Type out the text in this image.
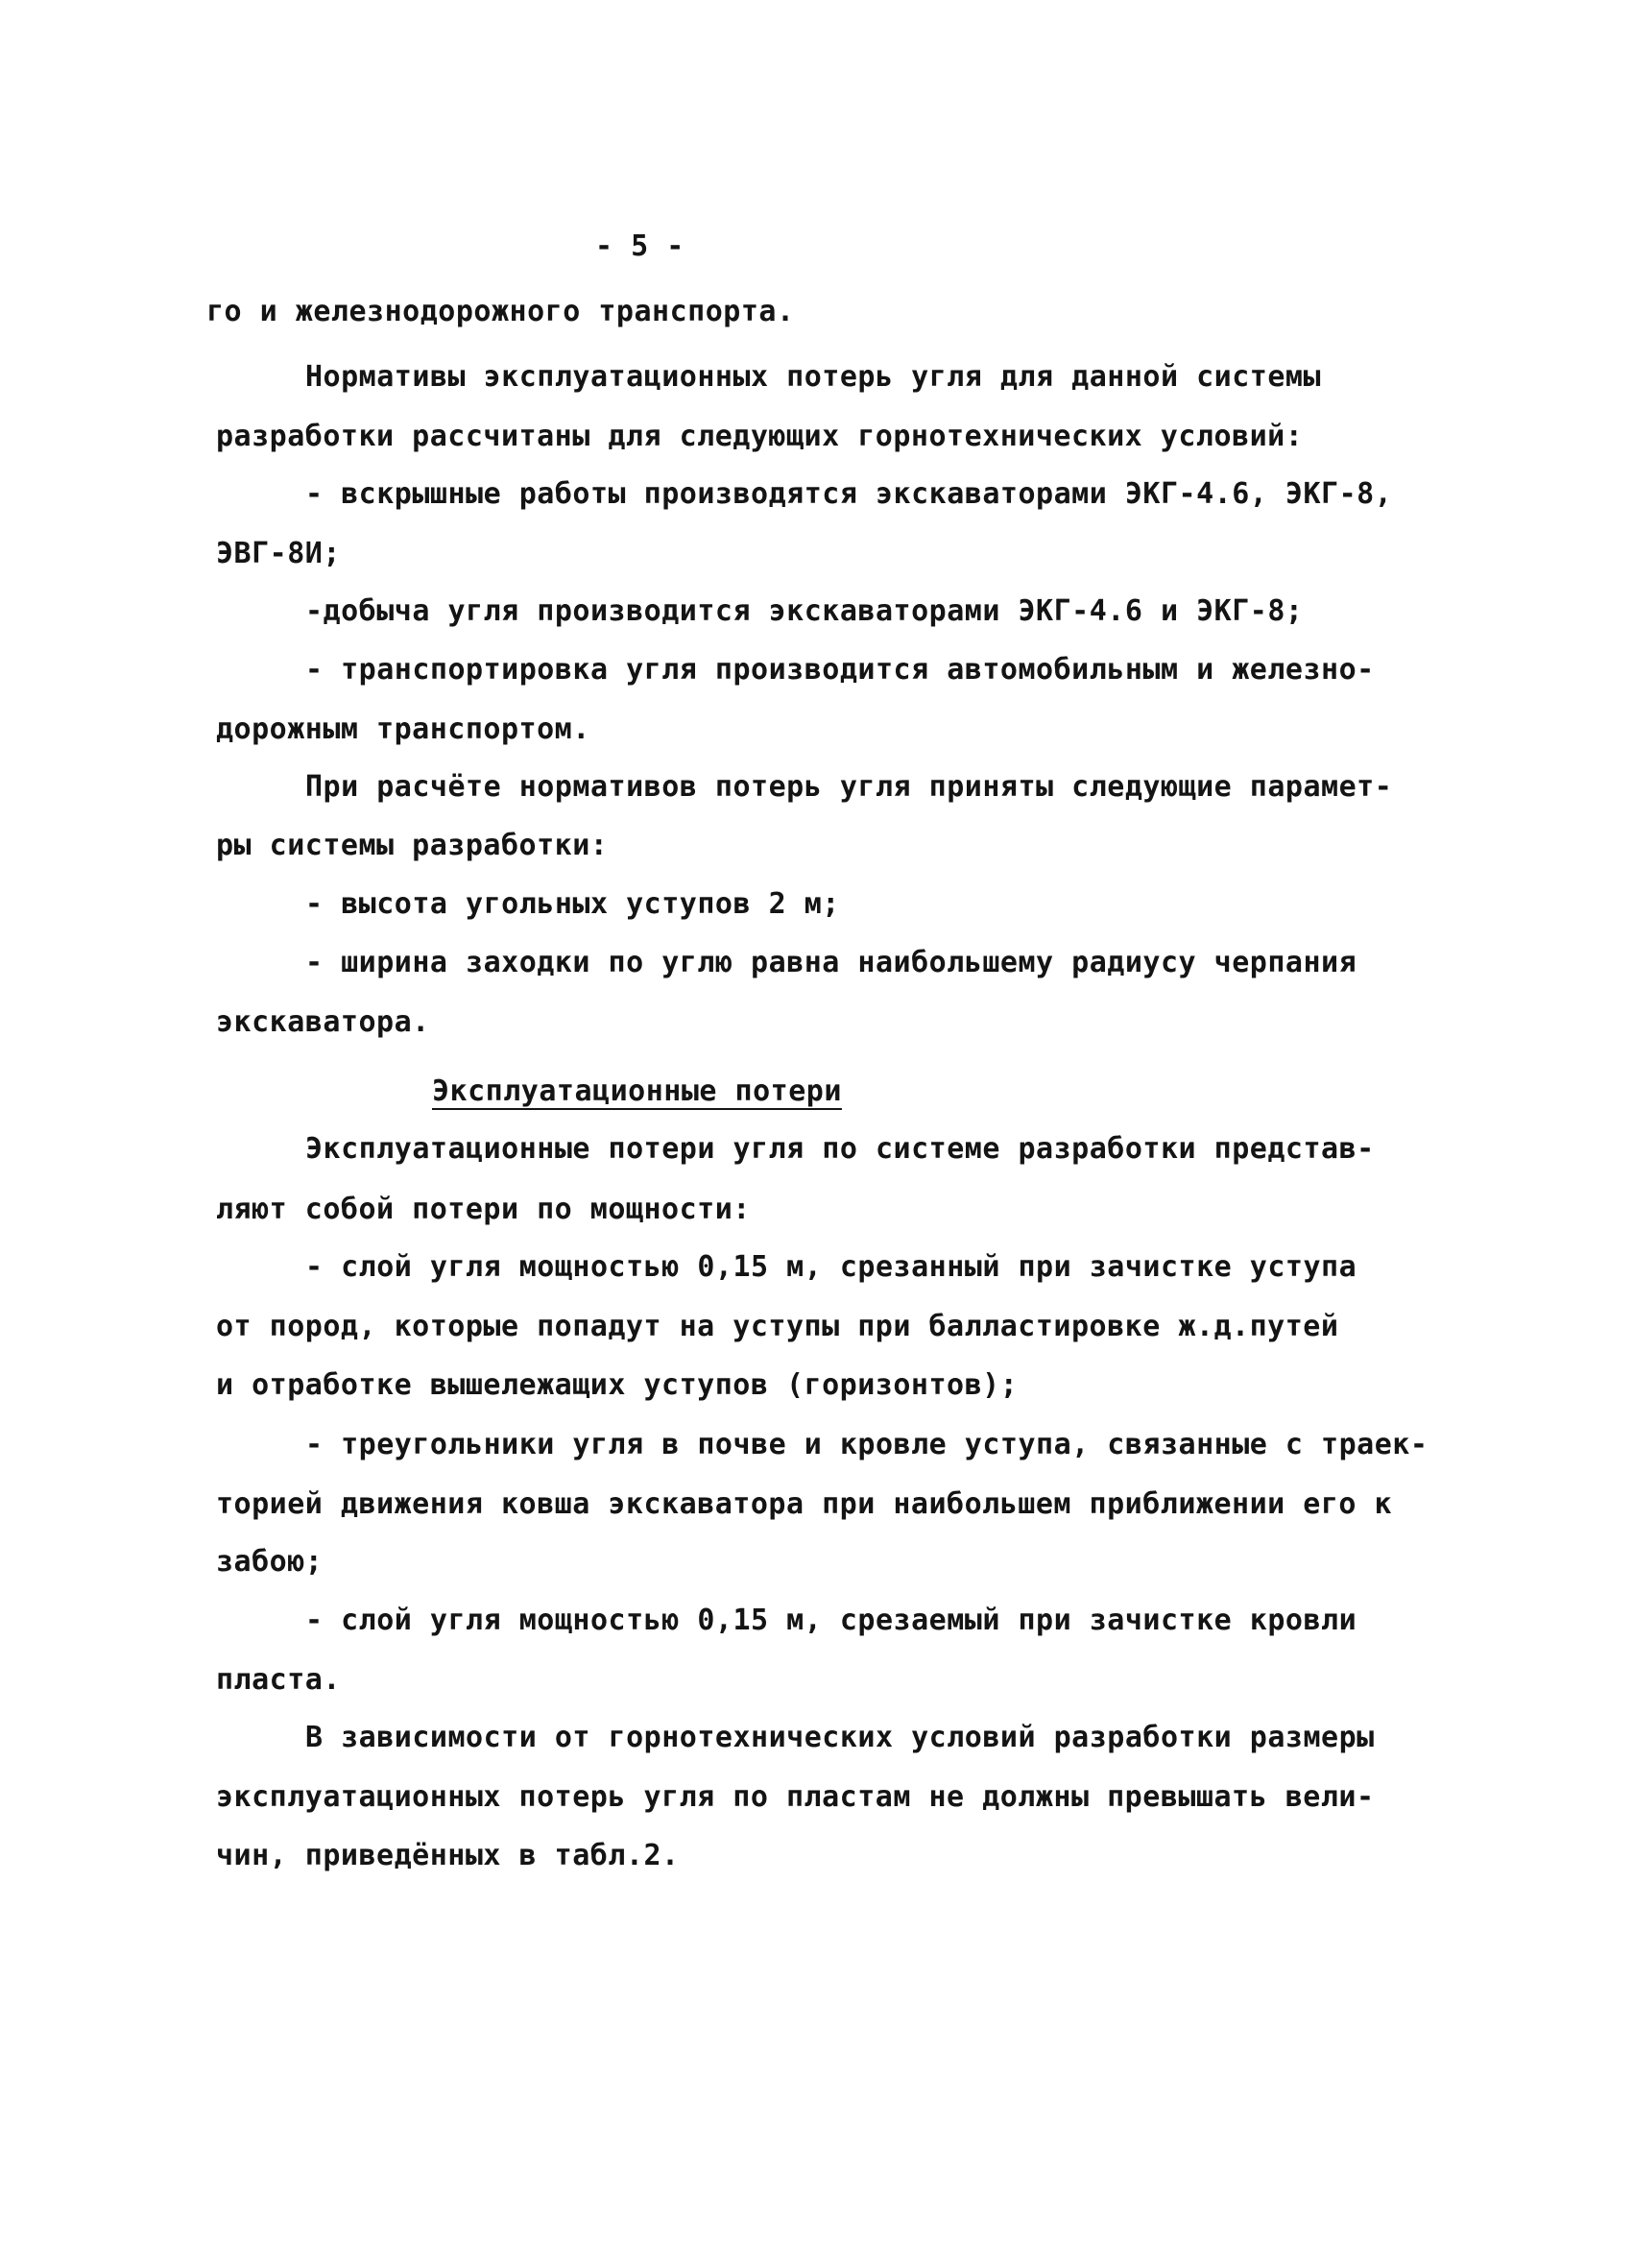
- 5 -
го и железнодорожного транспорта.
Нормативы эксплуатационных потерь угля для данной системы
разработки рассчитаны для следующих горнотехнических условий:
- вскрышные работы производятся экскаваторами ЭКГ-4.6, ЭКГ-8,
ЭВГ-8И;
-добыча угля производится экскаваторами ЭКГ-4.6 и ЭКГ-8;
- транспортировка угля производится автомобильным и железно-
дорожным транспортом.
При расчёте нормативов потерь угля приняты следующие парамет-
ры системы разработки:
- высота угольных уступов 2 м;
- ширина заходки по углю равна наибольшему радиусу черпания
экскаватора.
Эксплуатационные потери
Эксплуатационные потери угля по системе разработки представ-
ляют собой потери по мощности:
- слой угля мощностью 0,15 м, срезанный при зачистке уступа
от пород, которые попадут на уступы при балластировке ж.д.путей
и отработке вышележащих уступов (горизонтов);
- треугольники угля в почве и кровле уступа, связанные с траек-
торией движения ковша экскаватора при наибольшем приближении его к
забою;
- слой угля мощностью 0,15 м, срезаемый при зачистке кровли
пласта.
В зависимости от горнотехнических условий разработки размеры
эксплуатационных потерь угля по пластам не должны превышать вели-
чин, приведённых в табл.2.
